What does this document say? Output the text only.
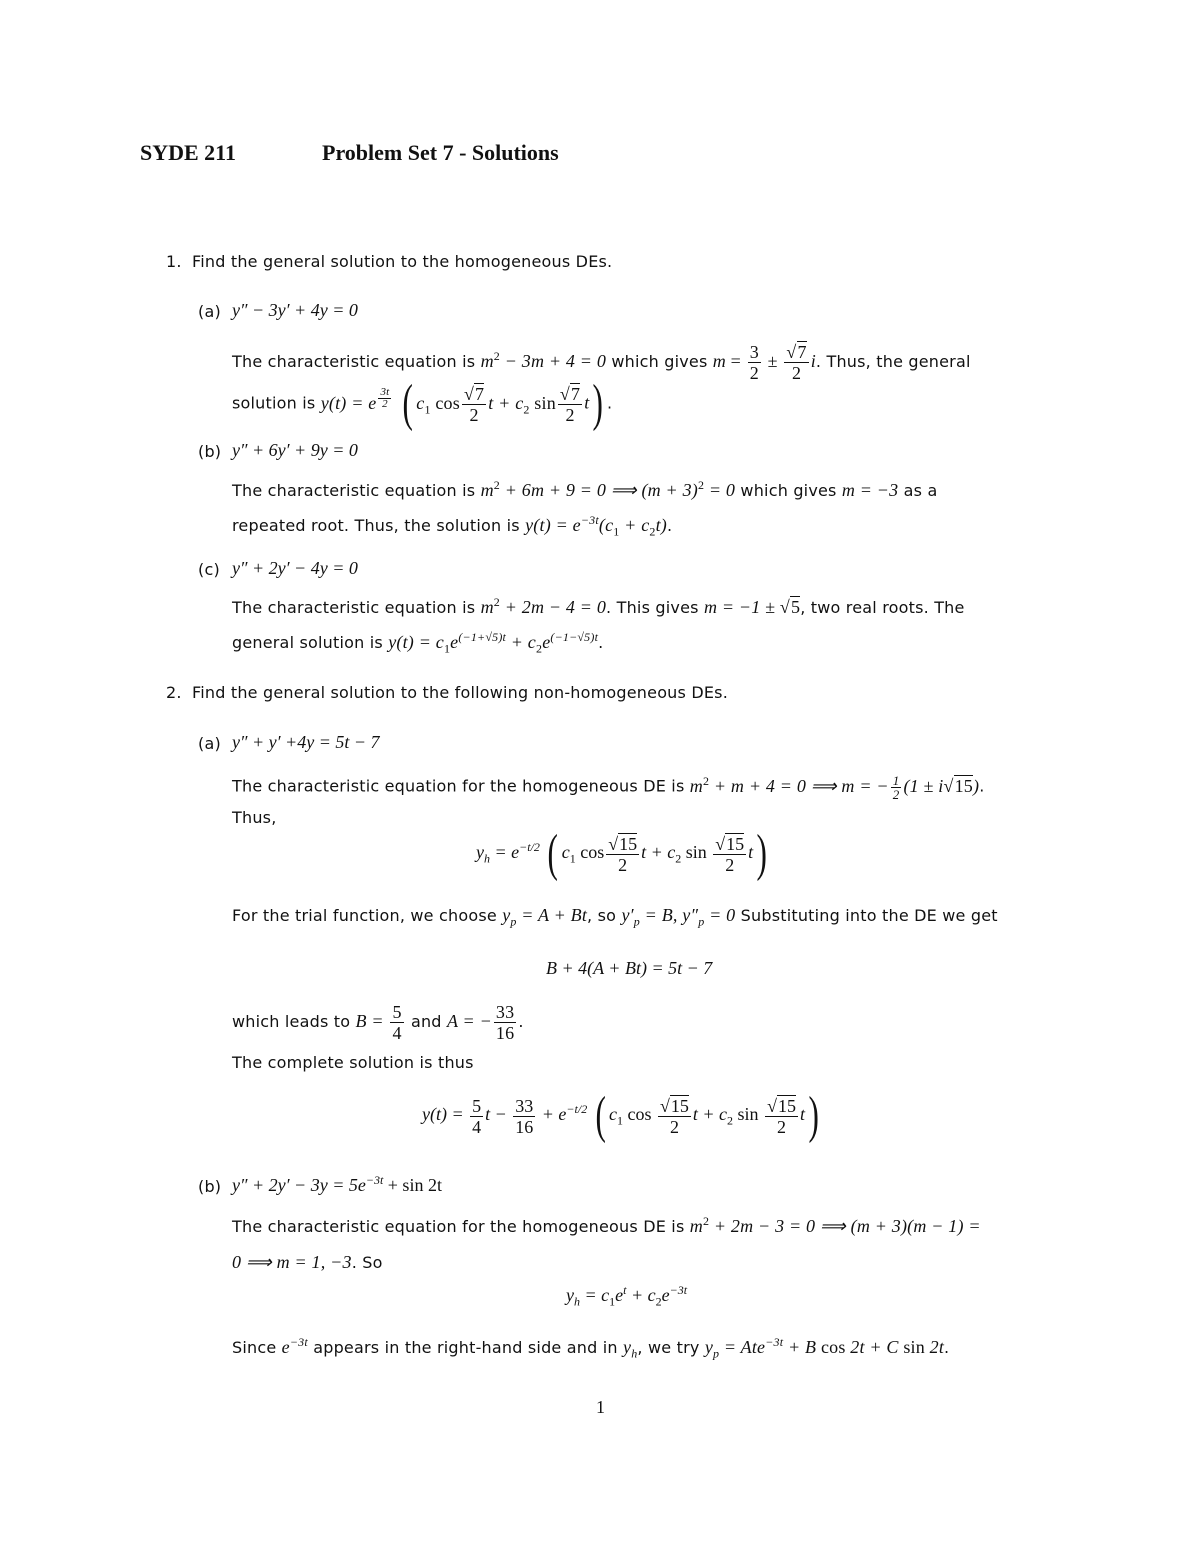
SYDE 211	Problem Set 7 - Solutions
1. Find the general solution to the homogeneous DEs.
(a) y″ − 3y′ + 4y = 0
The characteristic equation is $m^2 - 3m + 4 = 0$ which gives $m = \frac{3}{2} \pm \frac{√7}{2} i$. Thus, the general
solution is y(t) = e $^{\frac{3t}{2}}$ ( $c_1$ $\cos \frac{√7}{2}$ $t + c_2$ $\sin \frac{√7}{2} t$) .
(b) y″ + 6y′ + 9y = 0
The characteristic equation is $m^2 + 6m + 9 = 0$ ⟹ $(m + 3)^2 = 0$ which gives m = −3 as a
repeated root. Thus, the solution is $y(t) = e^{-3t}(c_1 + c_2t)$.
(c) y″ + 2y′ − 4y = 0
The characteristic equation is $m^2 + 2m - 4 = 0$. This gives m = −1 ± √5, two real roots. The
general solution is $y(t) = c_1e^{(-1+√5)t} + c_2e^{(-1-√5)t}$.
2. Find the general solution to the following non-homogeneous DEs.
(a) y″ + y′ +4y = 5t − 7
The characteristic equation for the homogeneous DE is $m^2 + m + 4 = 0$ ⟹ m = − $\frac{1}{2} (1 \pm i√15)$.
Thus,
$y_h = e^{-t/2}$ ( $c_1$ $\cos \frac{√15}{2}$ $t + c_2$ $\sin \frac{√15}{2} t$)
For the trial function, we choose $y_p = A + Bt$, so $y'_p = B$, $y''_p = 0$ Substituting into the DE we get
B + 4(A + Bt) = 5t − 7
which leads to $B = \frac{5}{4}$ and A = − $\frac{33}{16}$ .
The complete solution is thus
$y(t) = \frac{5}{4}$ $t - \frac{33}{16} + e^{-t/2}$ ( $c_1$ $\cos \frac{√15}{2}$ $t + c_2$ $\sin \frac{√15}{2} t$)
(b) $y'' + 2y' - 3y = 5e^{-3t} + \sin 2t$
The characteristic equation for the homogeneous DE is $m^2 + 2m - 3 = 0$ ⟹ (m + 3)(m − 1) =
0 ⟹ m = 1, −3. So
$y_h = c_1e^t + c_2e^{-3t}$
Since $e^{-3t}$ appears in the right-hand side and in $y_h$, we try $y_p = Ate^{-3t} + B$ cos 2t + C sin 2t.
1
